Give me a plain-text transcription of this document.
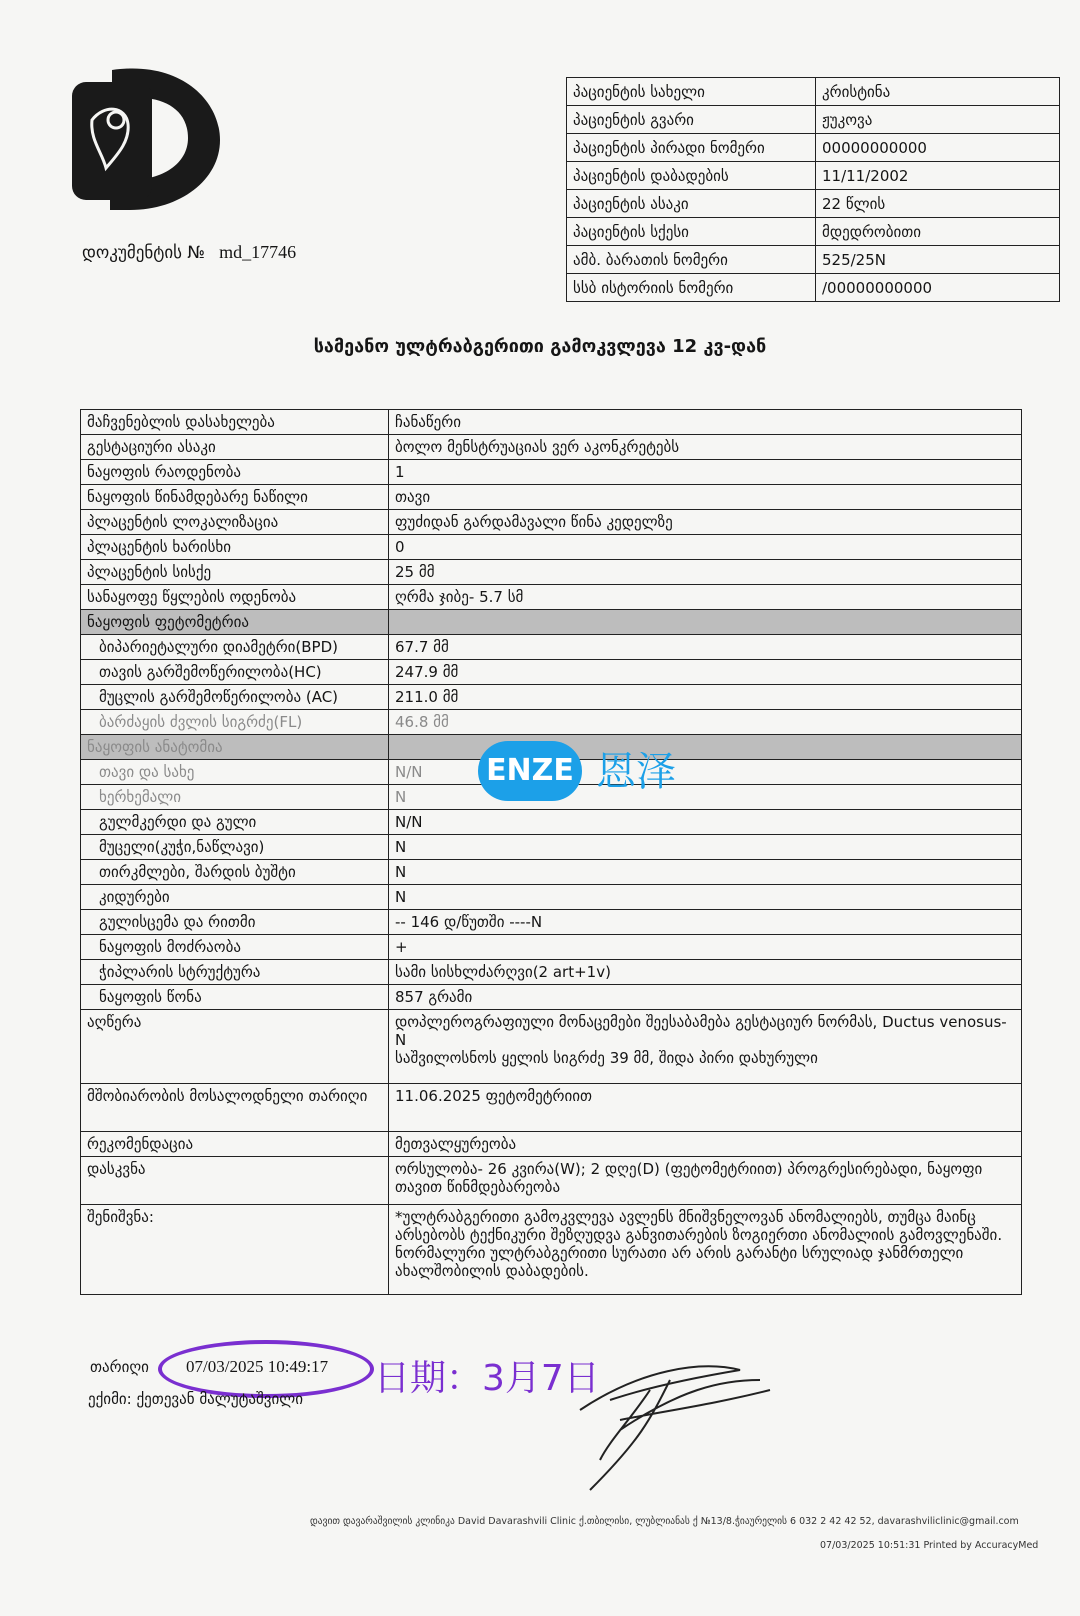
დოკუმენტის № md_17746
პაციენტის სახელი	კრისტინა
პაციენტის გვარი	ჟუკოვა
პაციენტის პირადი ნომერი	00000000000
პაციენტის დაბადების	11/11/2002
პაციენტის ასაკი	22 წლის
პაციენტის სქესი	მდედრობითი
ამბ. ბარათის ნომერი	525/25N
სსბ ისტორიის ნომერი	/00000000000
სამეანო ულტრაბგერითი გამოკვლევა 12 კვ-დან
მაჩვენებლის დასახელება	ჩანაწერი
გესტაციური ასაკი	ბოლო მენსტრუაციას ვერ აკონკრეტებს
ნაყოფის რაოდენობა	1
ნაყოფის წინამდებარე ნაწილი	თავი
პლაცენტის ლოკალიზაცია	ფუძიდან გარდამავალი წინა კედელზე
პლაცენტის ხარისხი	0
პლაცენტის სისქე	25 მმ
სანაყოფე წყლების ოდენობა	ღრმა ჯიბე- 5.7 სმ
ნაყოფის ფეტომეტრია	
ბიპარიეტალური დიამეტრი(BPD)	67.7 მმ
თავის გარშემოწერილობა(HC)	247.9 მმ
მუცლის გარშემოწერილობა (AC)	211.0 მმ
ბარძაყის ძვლის სიგრძე(FL)	46.8 მმ
ნაყოფის ანატომია	
თავი და სახე	N/N
ხერხემალი	N
გულმკერდი და გული	N/N
მუცელი(კუჭი,ნაწლავი)	N
თირკმლები, შარდის ბუშტი	N
კიდურები	N
გულისცემა და რითმი	-- 146 დ/წუთში ----N
ნაყოფის მოძრაობა	+
ჭიპლარის სტრუქტურა	სამი სისხლძარღვი(2 art+1v)
ნაყოფის წონა	857 გრამი
აღწერა	დოპლეროგრაფიული მონაცემები შეესაბამება გესტაციურ ნორმას, Ductus venosus-N
საშვილოსნოს ყელის სიგრძე 39 მმ, შიდა პირი დახურული
მშობიარობის მოსალოდნელი თარიღი	11.06.2025 ფეტომეტრიით
რეკომენდაცია	მეთვალყურეობა
დასკვნა	ორსულობა- 26 კვირა(W); 2 დღე(D) (ფეტომეტრიით) პროგრესირებადი, ნაყოფი თავით წინმდებარეობა
შენიშვნა:	*ულტრაბგერითი გამოკვლევა ავლენს მნიშვნელოვან ანომალიებს, თუმცა მაინც არსებობს ტექნიკური შეზღუდვა განვითარების ზოგიერთი ანომალიის გამოვლენაში. ნორმალური ულტრაბგერითი სურათი არ არის გარანტი სრულიად ჯანმრთელი ახალშობილის დაბადების.
ENZE 恩泽
თარიღი 07/03/2025 10:49:17 日期：3月7日
ექიმი: ქეთევან მალუტაშვილი
დავით დავარაშვილის კლინიკა David Davarashvili Clinic ქ.თბილისი, ლუბლიანას ქ №13/8.ჭიაურელის 6 032 2 42 42 52, davarashviliclinic@gmail.com
07/03/2025 10:51:31 Printed by AccuracyMed
